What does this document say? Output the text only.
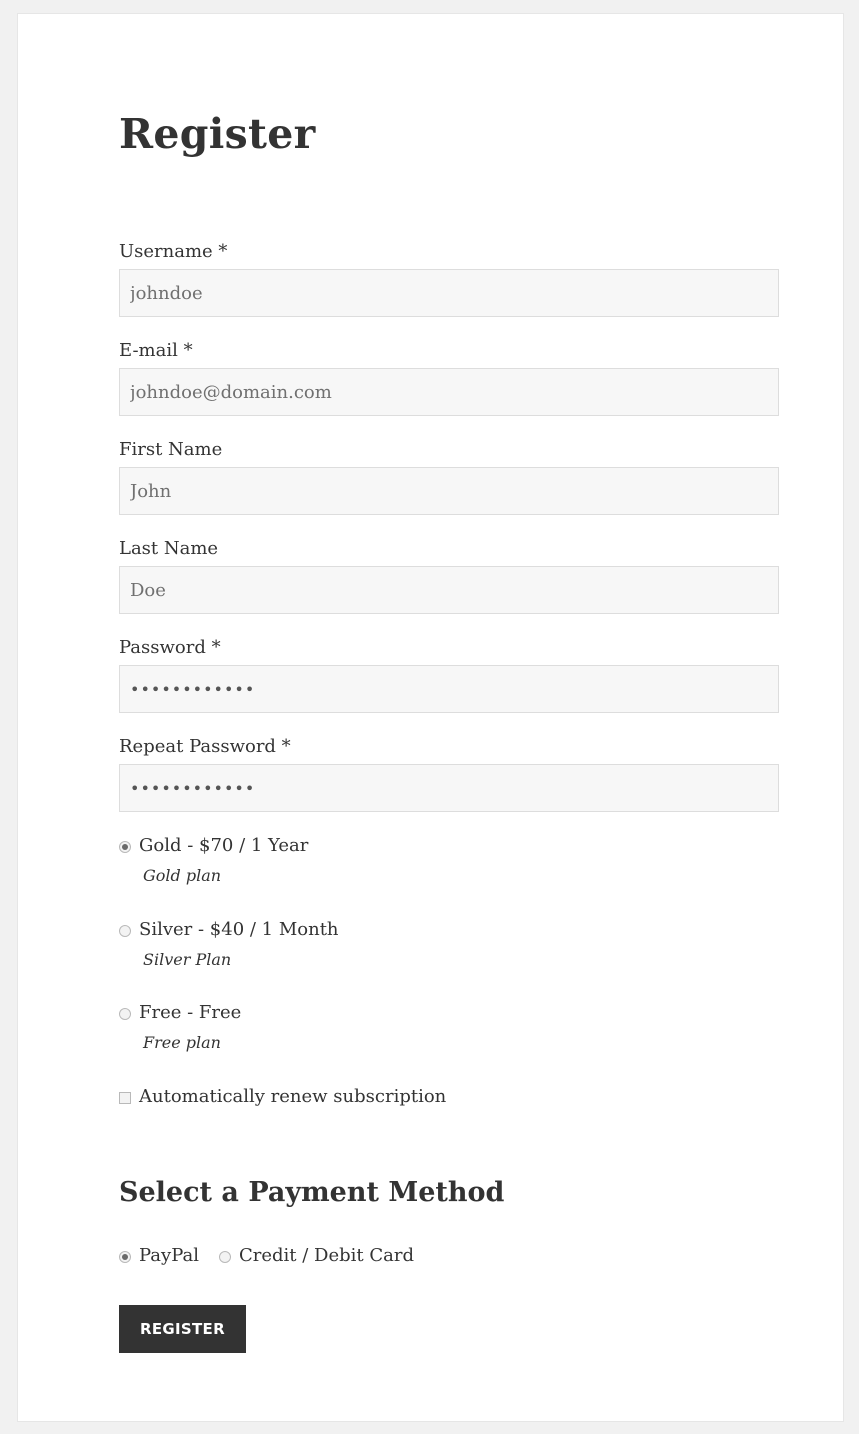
Register
Username *
johndoe
E-mail *
johndoe@domain.com
First Name
John
Last Name
Doe
Password *
••••••••••••
Repeat Password *
••••••••••••
Gold - $70 / 1 Year
Gold plan
Silver - $40 / 1 Month
Silver Plan
Free - Free
Free plan
Automatically renew subscription
Select a Payment Method
PayPal Credit / Debit Card
REGISTER
